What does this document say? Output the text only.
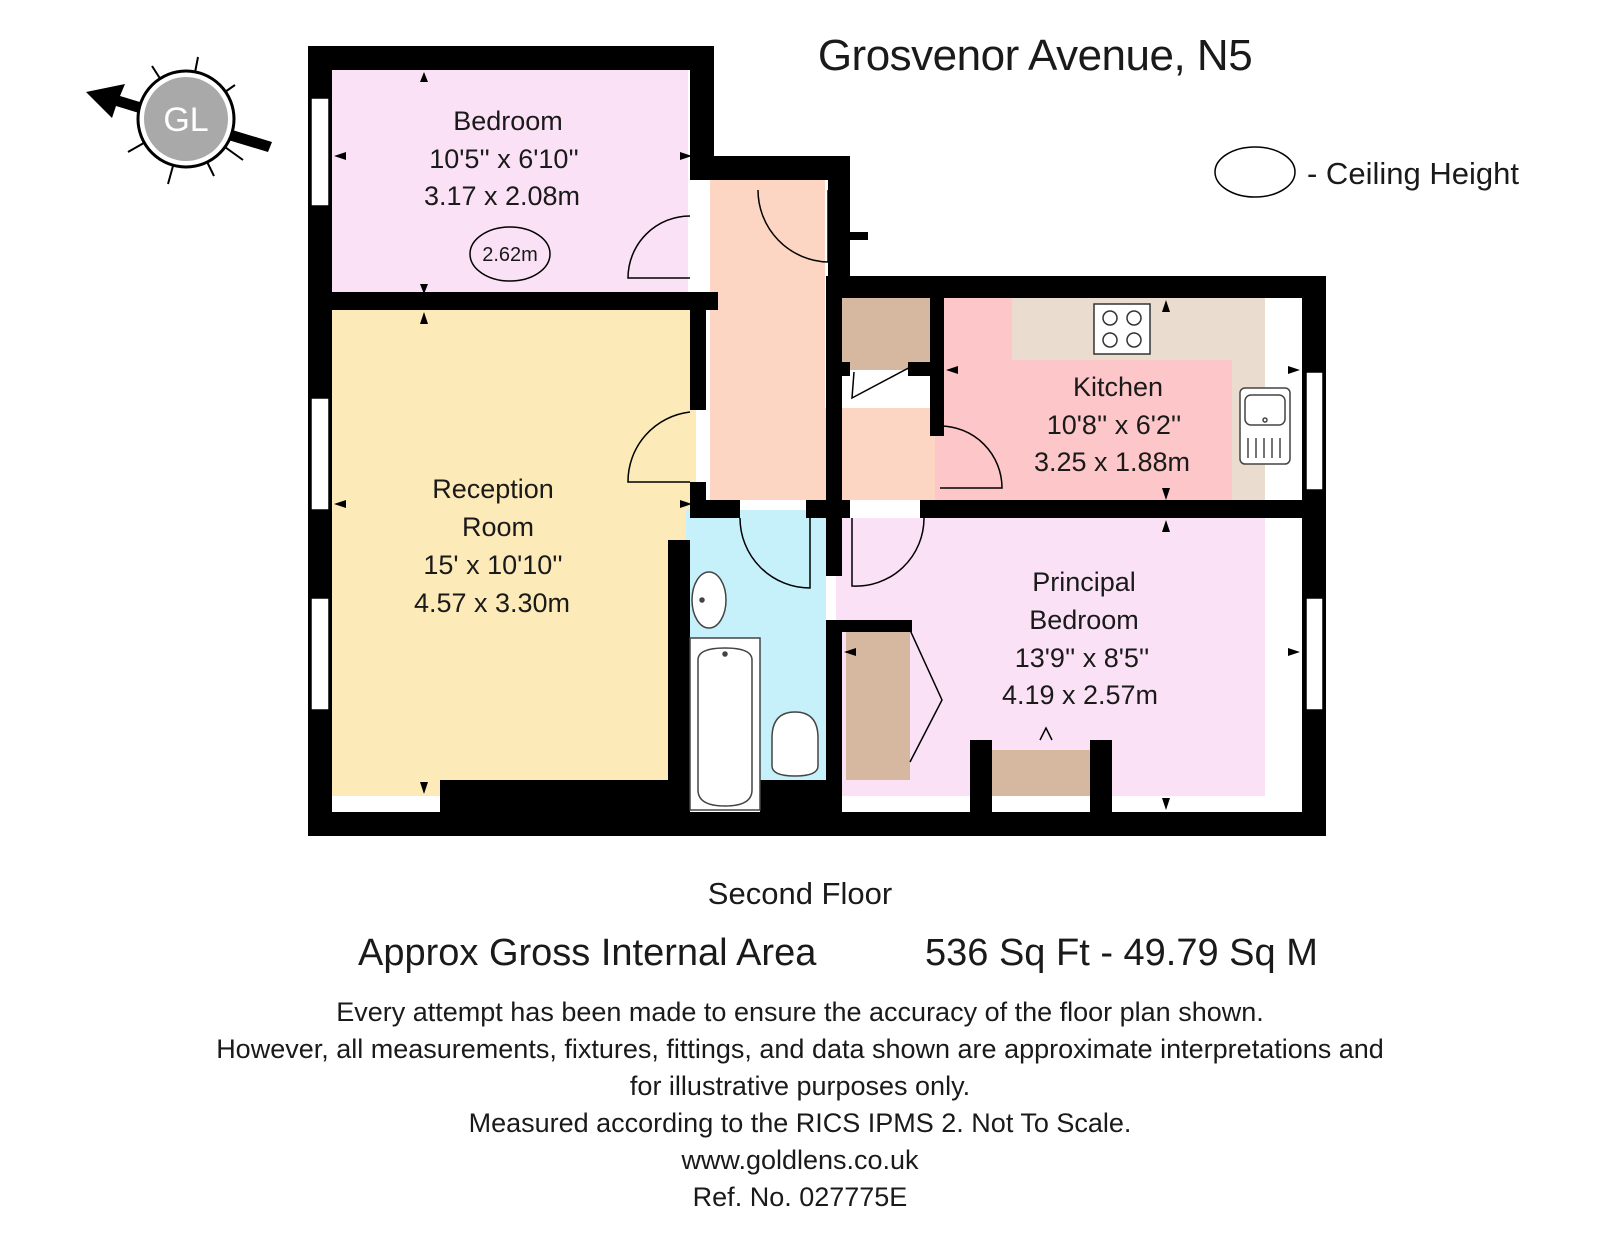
GL
Grosvenor Avenue, N5
- Ceiling Height
Bedroom
10'5'' x 6'10''
3.17 x 2.08m
2.62m
Reception
Room
15' x 10'10''
4.57 x 3.30m
Kitchen
10'8'' x 6'2''
3.25 x 1.88m
Principal
Bedroom
13'9'' x 8'5''
4.19 x 2.57m
Second Floor
Approx Gross Internal Area	536 Sq Ft - 49.79 Sq M
Every attempt has been made to ensure the accuracy of the floor plan shown.
However, all measurements, fixtures, fittings, and data shown are approximate interpretations and
for illustrative purposes only.
Measured according to the RICS IPMS 2. Not To Scale.
www.goldlens.co.uk
Ref. No. 027775E
